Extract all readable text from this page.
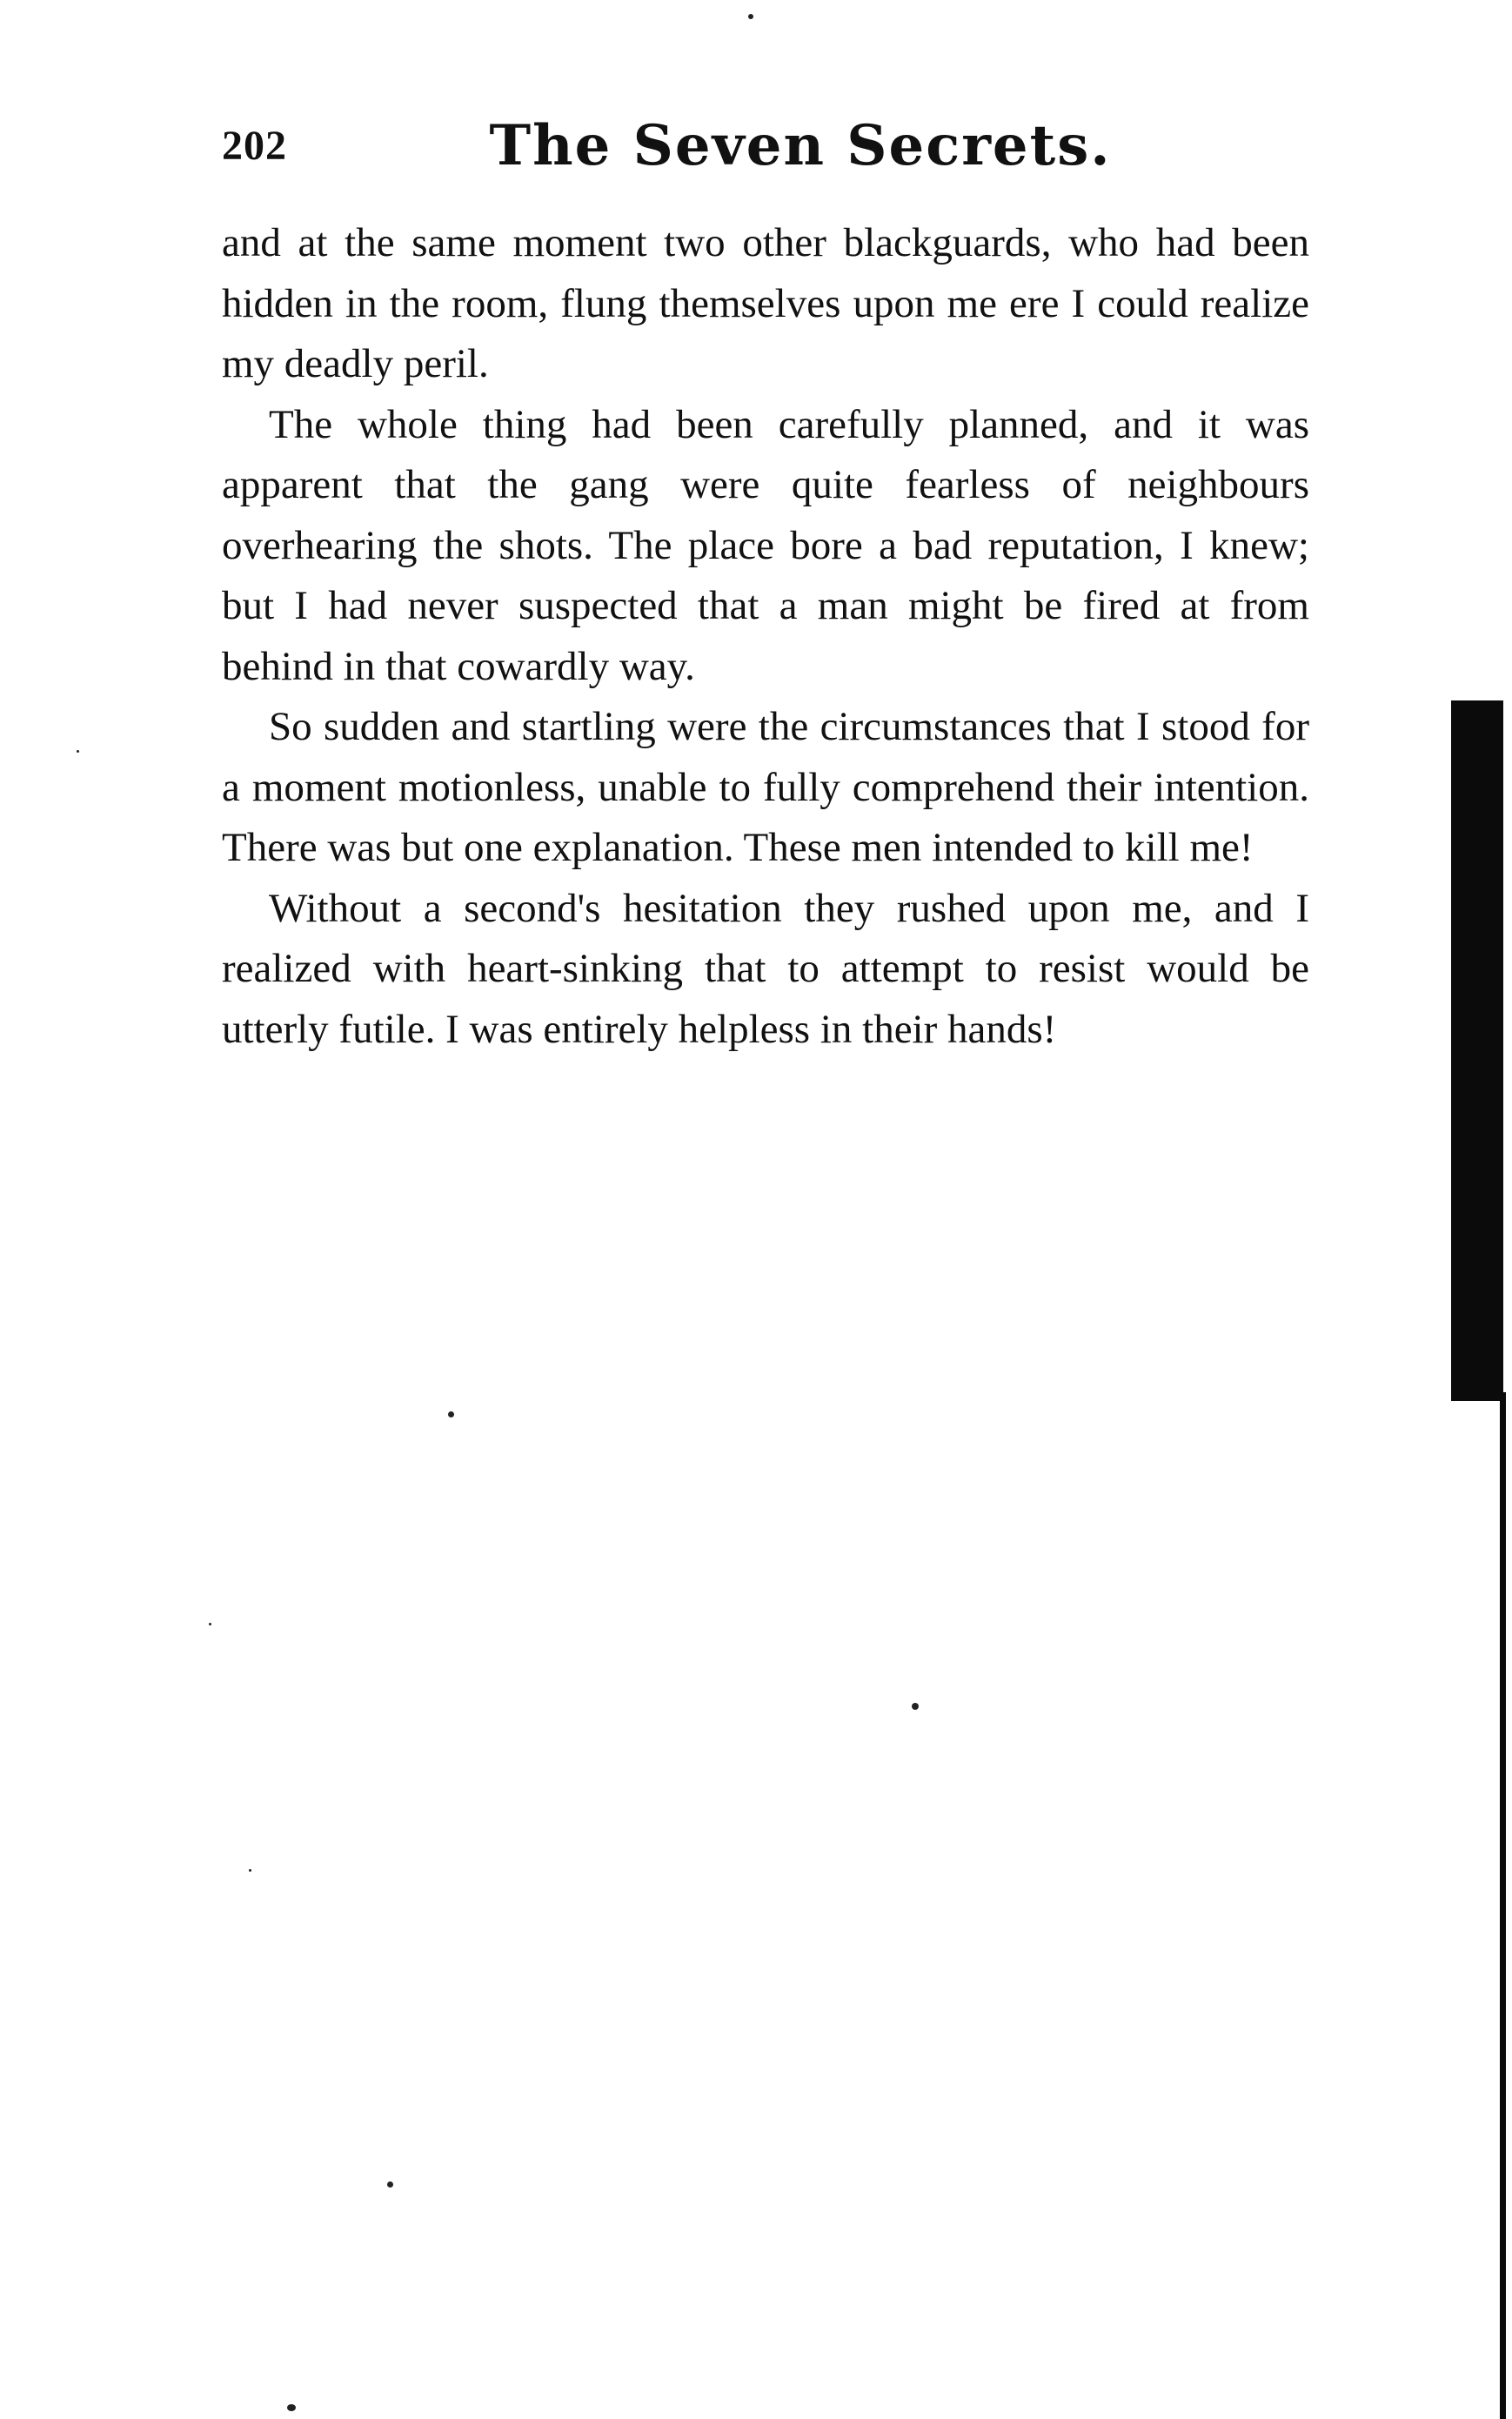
202	The Seven Secrets.

and at the same moment two other blackguards, who had been hidden in the room, flung themselves upon me ere I could realize my deadly peril.

The whole thing had been carefully planned, and it was apparent that the gang were quite fearless of neighbours overhearing the shots. The place bore a bad reputation, I knew; but I had never suspected that a man might be fired at from behind in that cowardly way.

So sudden and startling were the circumstances that I stood for a moment motionless, unable to fully comprehend their intention. There was but one explanation. These men intended to kill me!

Without a second's hesitation they rushed upon me, and I realized with heart-sinking that to attempt to resist would be utterly futile. I was entirely helpless in their hands!
